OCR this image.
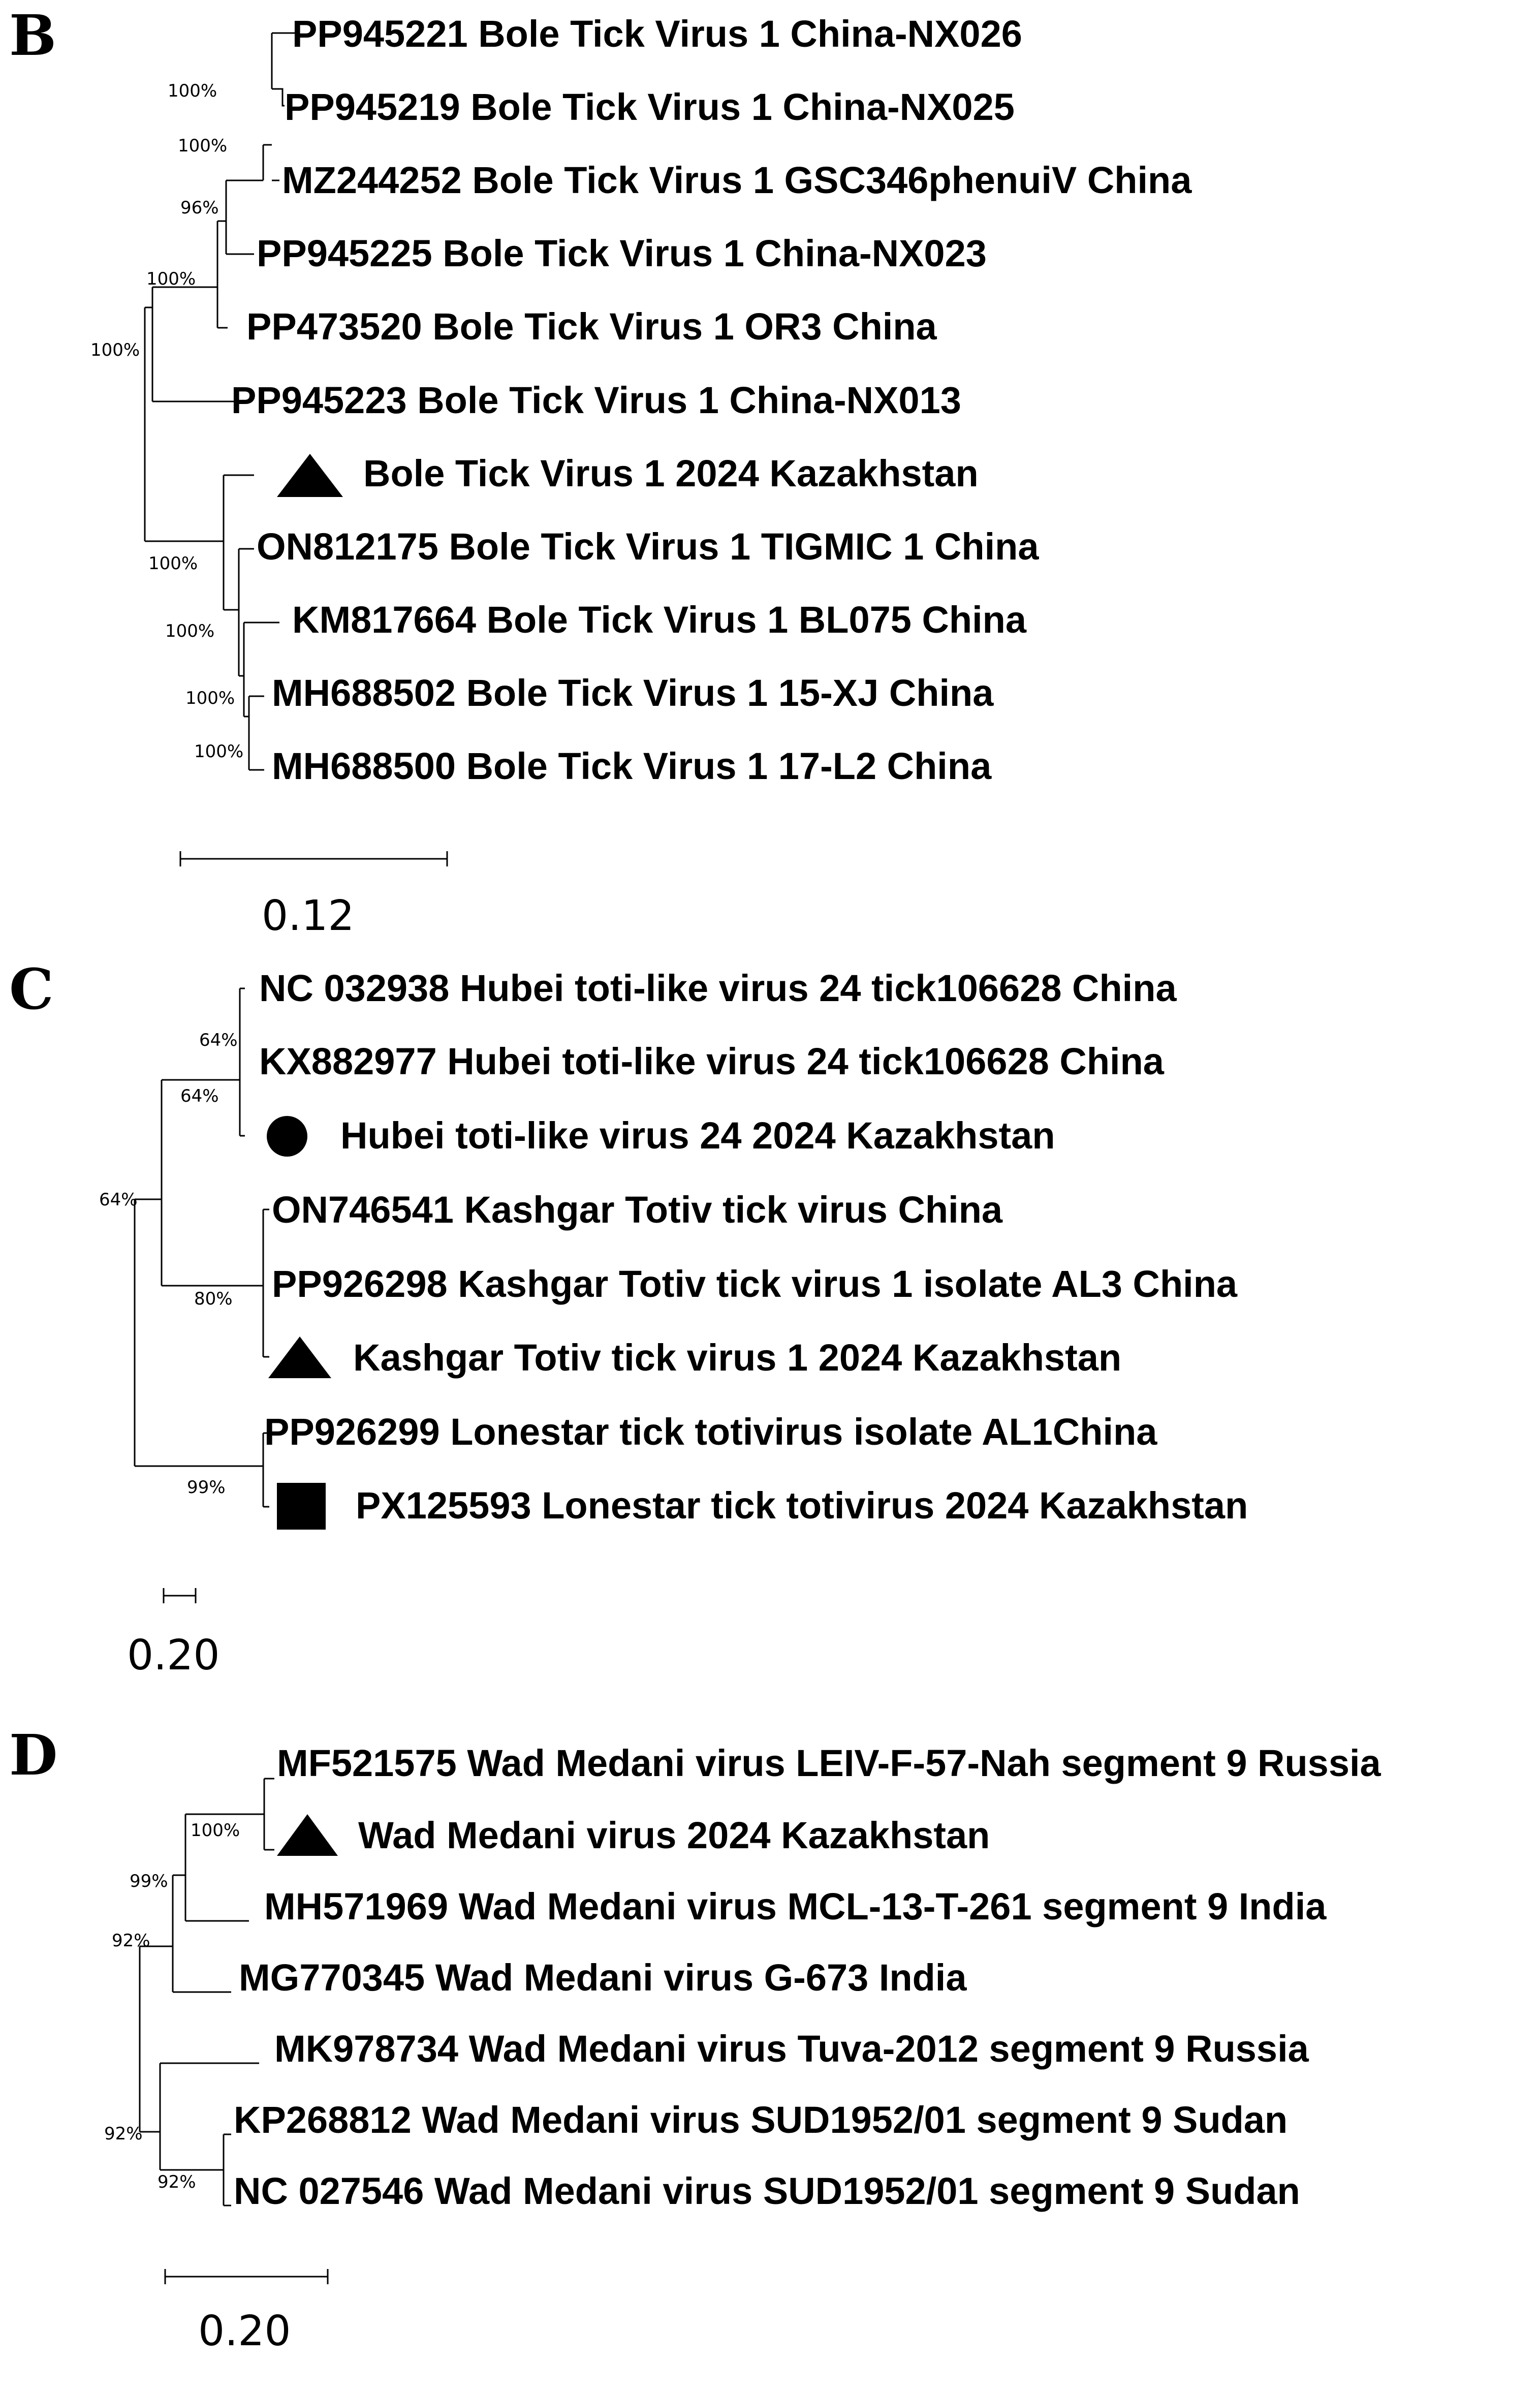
B
100%
100%
96%
100%
100%
100%
100%
100%
100%
PP945221 Bole Tick Virus 1 China-NX026
PP945219 Bole Tick Virus 1 China-NX025
MZ244252 Bole Tick Virus 1 GSC346phenuiV China
PP945225 Bole Tick Virus 1 China-NX023
PP473520 Bole Tick Virus 1 OR3 China
PP945223 Bole Tick Virus 1 China-NX013
Bole Tick Virus 1 2024 Kazakhstan
ON812175 Bole Tick Virus 1 TIGMIC 1 China
KM817664 Bole Tick Virus 1 BL075 China
MH688502 Bole Tick Virus 1 15-XJ China
MH688500 Bole Tick Virus 1 17-L2 China
0.12
C
64%
64%
64%
80%
99%
NC 032938 Hubei toti-like virus 24 tick106628 China
KX882977 Hubei toti-like virus 24 tick106628 China
Hubei toti-like virus 24 2024 Kazakhstan
ON746541 Kashgar Totiv tick virus China
PP926298 Kashgar Totiv tick virus 1 isolate AL3 China
Kashgar Totiv tick virus 1 2024 Kazakhstan
PP926299 Lonestar tick totivirus isolate AL1China
PX125593 Lonestar tick totivirus 2024 Kazakhstan
0.20
D
100%
99%
92%
92%
92%
MF521575 Wad Medani virus LEIV-F-57-Nah segment 9 Russia
Wad Medani virus 2024 Kazakhstan
MH571969 Wad Medani virus MCL-13-T-261 segment 9 India
MG770345 Wad Medani virus G-673 India
MK978734 Wad Medani virus Tuva-2012 segment 9 Russia
KP268812 Wad Medani virus SUD1952/01 segment 9 Sudan
NC 027546 Wad Medani virus SUD1952/01 segment 9 Sudan
0.20
